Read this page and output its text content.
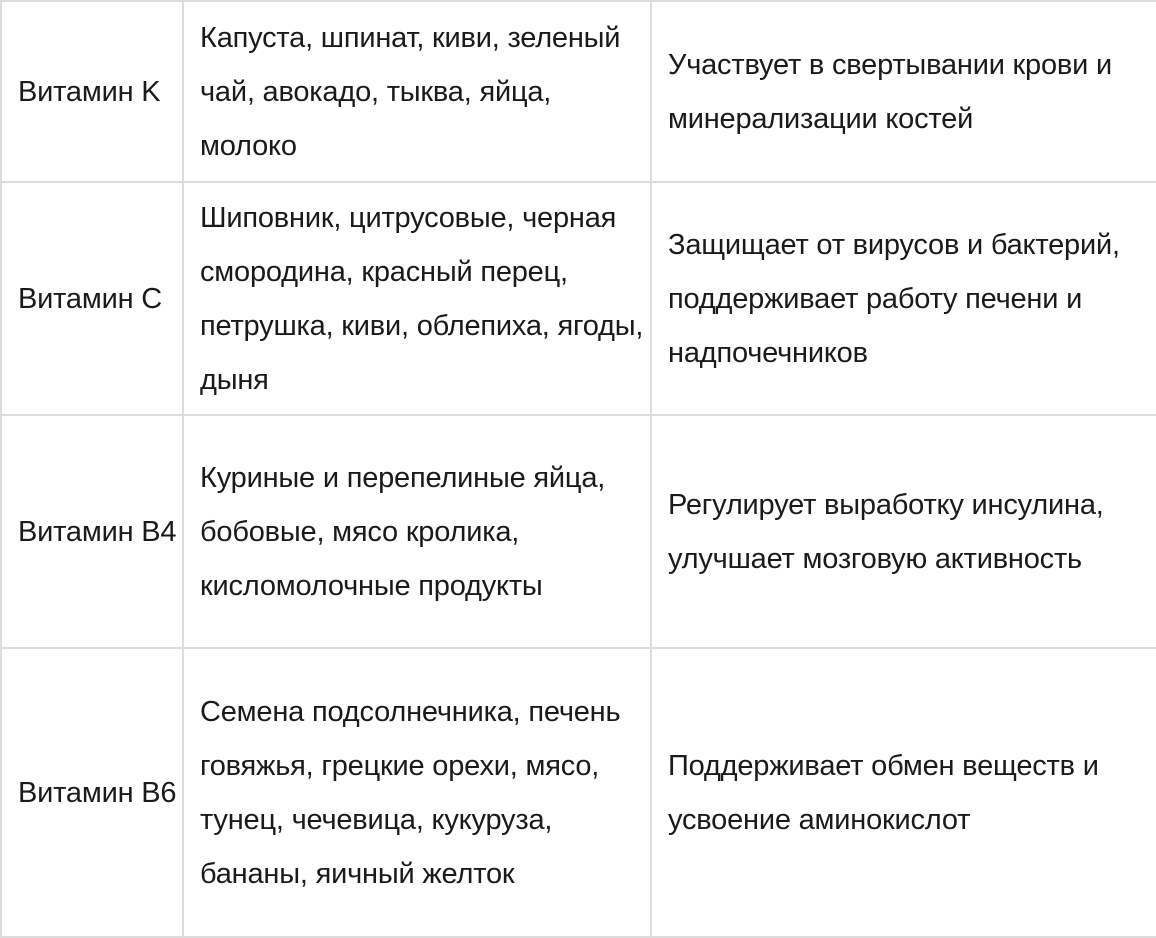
Витамин K	Капуста, шпинат, киви, зеленый чай, авокадо, тыква, яйца, молоко	Участвует в свертывании крови и минерализации костей

Витамин C	Шиповник, цитрусовые, черная смородина, красный перец, петрушка, киви, облепиха, ягоды, дыня	Защищает от вирусов и бактерий, поддерживает работу печени и надпочечников

Витамин B4	Куриные и перепелиные яйца, бобовые, мясо кролика, кисломолочные продукты	Регулирует выработку инсулина, улучшает мозговую активность

Витамин B6	Семена подсолнечника, печень говяжья, грецкие орехи, мясо, тунец, чечевица, кукуруза, бананы, яичный желток	Поддерживает обмен веществ и усвоение аминокислот
